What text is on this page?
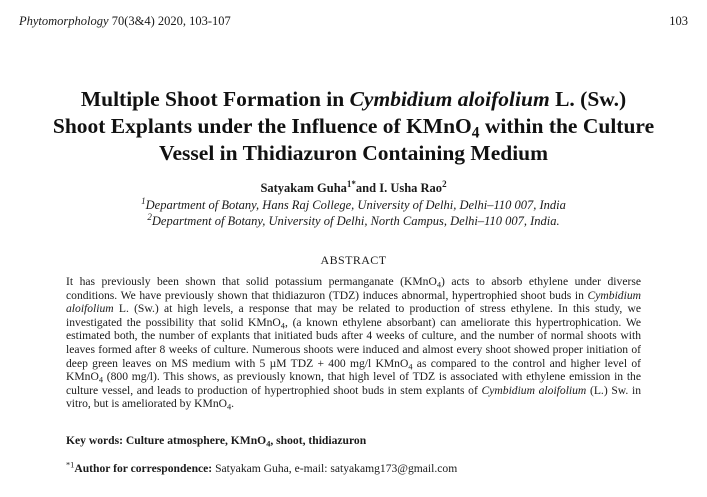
Phytomorphology 70(3&4) 2020, 103-107	103
Multiple Shoot Formation in Cymbidium aloifolium L. (Sw.)
Shoot Explants under the Influence of KMnO$_4$ within the Culture
Vessel in Thidiazuron Containing Medium
Satyakam Guha$^{1*}$and I. Usha Rao$^2$
$^1$Department of Botany, Hans Raj College, University of Delhi, Delhi–110 007, India
$^2$Department of Botany, University of Delhi, North Campus, Delhi–110 007, India.
ABSTRACT

It has previously been shown that solid potassium permanganate (KMnO$_4$) acts to absorb ethylene under diverse conditions. We have previously shown that thidiazuron (TDZ) induces abnormal, hypertrophied shoot buds in Cymbidium aloifolium L. (Sw.) at high levels, a response that may be related to production of stress ethylene. In this study, we investigated the possibility that solid KMnO$_4$, (a known ethylene absorbant) can ameliorate this hypertrophication. We estimated both, the number of explants that initiated buds after 4 weeks of culture, and the number of normal shoots with leaves formed after 8 weeks of culture. Numerous shoots were induced and almost every shoot showed proper initiation of deep green leaves on MS medium with 5 µM TDZ + 400 mg/l KMnO$_4$ as compared to the control and higher level of KMnO$_4$ (800 mg/l). This shows, as previously known, that high level of TDZ is associated with ethylene emission in the culture vessel, and leads to production of hypertrophied shoot buds in stem explants of Cymbidium aloifolium (L.) Sw. in vitro, but is ameliorated by KMnO$_4$.

Key words: Culture atmosphere, KMnO$_4$, shoot, thidiazuron
$^{*1}$Author for correspondence: Satyakam Guha, e-mail: satyakamg173@gmail.com
